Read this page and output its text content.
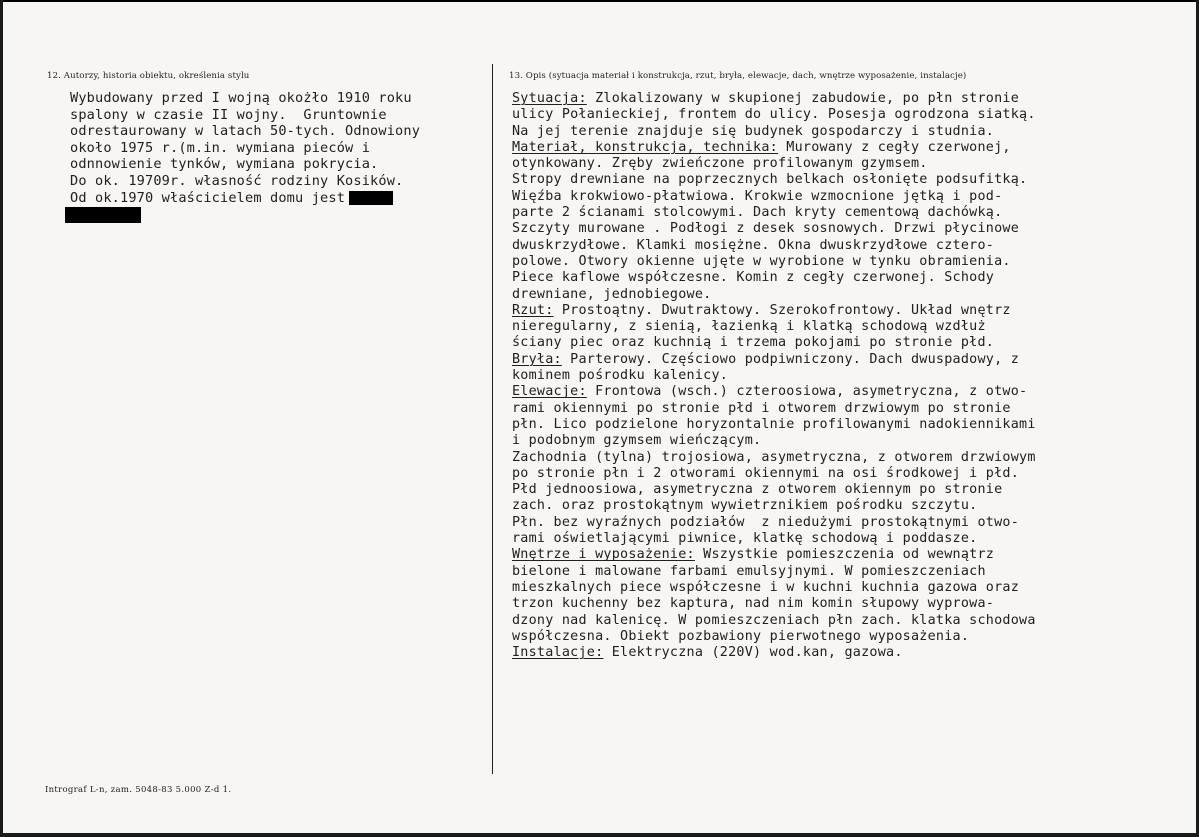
12. Autorzy, historia obiektu, określenia stylu	13. Opis (sytuacja materiał i konstrukcja, rzut, bryła, elewacje, dach, wnętrze wyposażenie, instalacje)
Wybudowany przed I wojną okożło 1910 roku
spalony w czasie II wojny.  Gruntownie
odrestaurowany w latach 50-tych. Odnowiony
około 1975 r.(m.in. wymiana pieców i
odnnowienie tynków, wymiana pokrycia.
Do ok. 19709r. własność rodziny Kosików.
Od ok.1970 właścicielem domu jest
Sytuacja: Zlokalizowany w skupionej zabudowie, po płn stronie
ulicy Połanieckiej, frontem do ulicy. Posesja ogrodzona siatką.
Na jej terenie znajduje się budynek gospodarczy i studnia.
Materiał, konstrukcja, technika: Murowany z cegły czerwonej,
otynkowany. Zręby zwieńczone profilowanym gzymsem.
Stropy drewniane na poprzecznych belkach osłonięte podsufitką.
Więźba krokwiowo-płatwiowa. Krokwie wzmocnione jętką i pod-
parte 2 ścianami stolcowymi. Dach kryty cementową dachówką.
Szczyty murowane . Podłogi z desek sosnowych. Drzwi płycinowe
dwuskrzydłowe. Klamki mosiężne. Okna dwuskrzydłowe cztero-
polowe. Otwory okienne ujęte w wyrobione w tynku obramienia.
Piece kaflowe współczesne. Komin z cegły czerwonej. Schody
drewniane, jednobiegowe.
Rzut: Prostoątny. Dwutraktowy. Szerokofrontowy. Układ wnętrz
nieregularny, z sienią, łazienką i klatką schodową wzdłuż
ściany piec oraz kuchnią i trzema pokojami po stronie płd.
Bryła: Parterowy. Częściowo podpiwniczony. Dach dwuspadowy, z
kominem pośrodku kalenicy.
Elewacje: Frontowa (wsch.) czteroosiowa, asymetryczna, z otwo-
rami okiennymi po stronie płd i otworem drzwiowym po stronie
płn. Lico podzielone horyzontalnie profilowanymi nadokiennikami
i podobnym gzymsem wieńczącym.
Zachodnia (tylna) trojosiowa, asymetryczna, z otworem drzwiowym
po stronie płn i 2 otworami okiennymi na osi środkowej i płd.
Płd jednoosiowa, asymetryczna z otworem okiennym po stronie
zach. oraz prostokątnym wywietrznikiem pośrodku szczytu.
Płn. bez wyraźnych podziałów  z niedużymi prostokątnymi otwo-
rami oświetlającymi piwnice, klatkę schodową i poddasze.
Wnętrze i wyposażenie: Wszystkie pomieszczenia od wewnątrz
bielone i malowane farbami emulsyjnymi. W pomieszczeniach
mieszkalnych piece współczesne i w kuchni kuchnia gazowa oraz
trzon kuchenny bez kaptura, nad nim komin słupowy wyprowa-
dzony nad kalenicę. W pomieszczeniach płn zach. klatka schodowa
współczesna. Obiekt pozbawiony pierwotnego wyposażenia.
Instalacje: Elektryczna (220V) wod.kan, gazowa.
Intrograf L-n, zam. 5048-83 5.000 Z-d 1.
